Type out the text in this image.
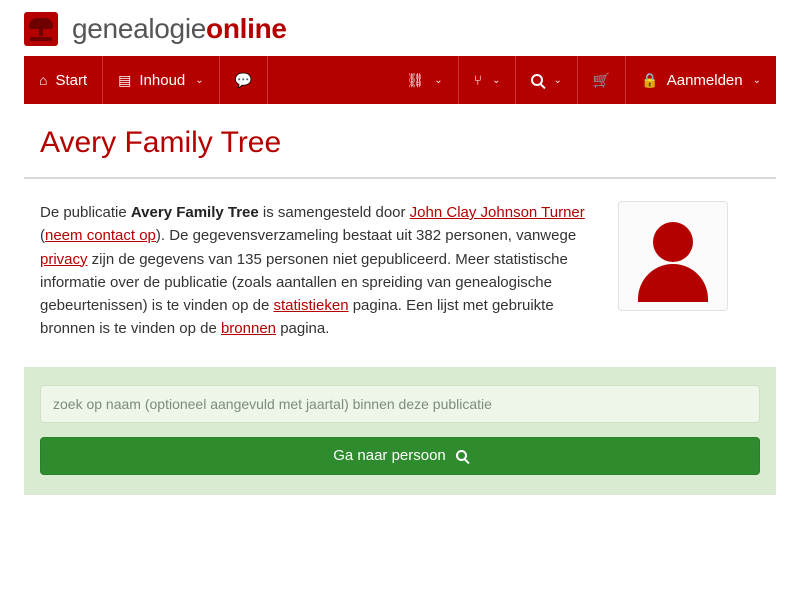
genealogieonline
⌂ Start ▤ Inhoud ⌄ 💬	⛓ ⌄ ⑂ ⌄	⌄ 🛒 🔒 Aanmelden ⌄
Avery Family Tree
De publicatie Avery Family Tree is samengesteld door John Clay Johnson Turner (neem contact op). De gegevensverzameling bestaat uit 382 personen, vanwege privacy zijn de gegevens van 135 personen niet gepubliceerd. Meer statistische informatie over de publicatie (zoals aantallen en spreiding van genealogische gebeurtenissen) is te vinden op de statistieken pagina. Een lijst met gebruikte bronnen is te vinden op de bronnen pagina.
zoek op naam (optioneel aangevuld met jaartal) binnen deze publicatie
Ga naar persoon
